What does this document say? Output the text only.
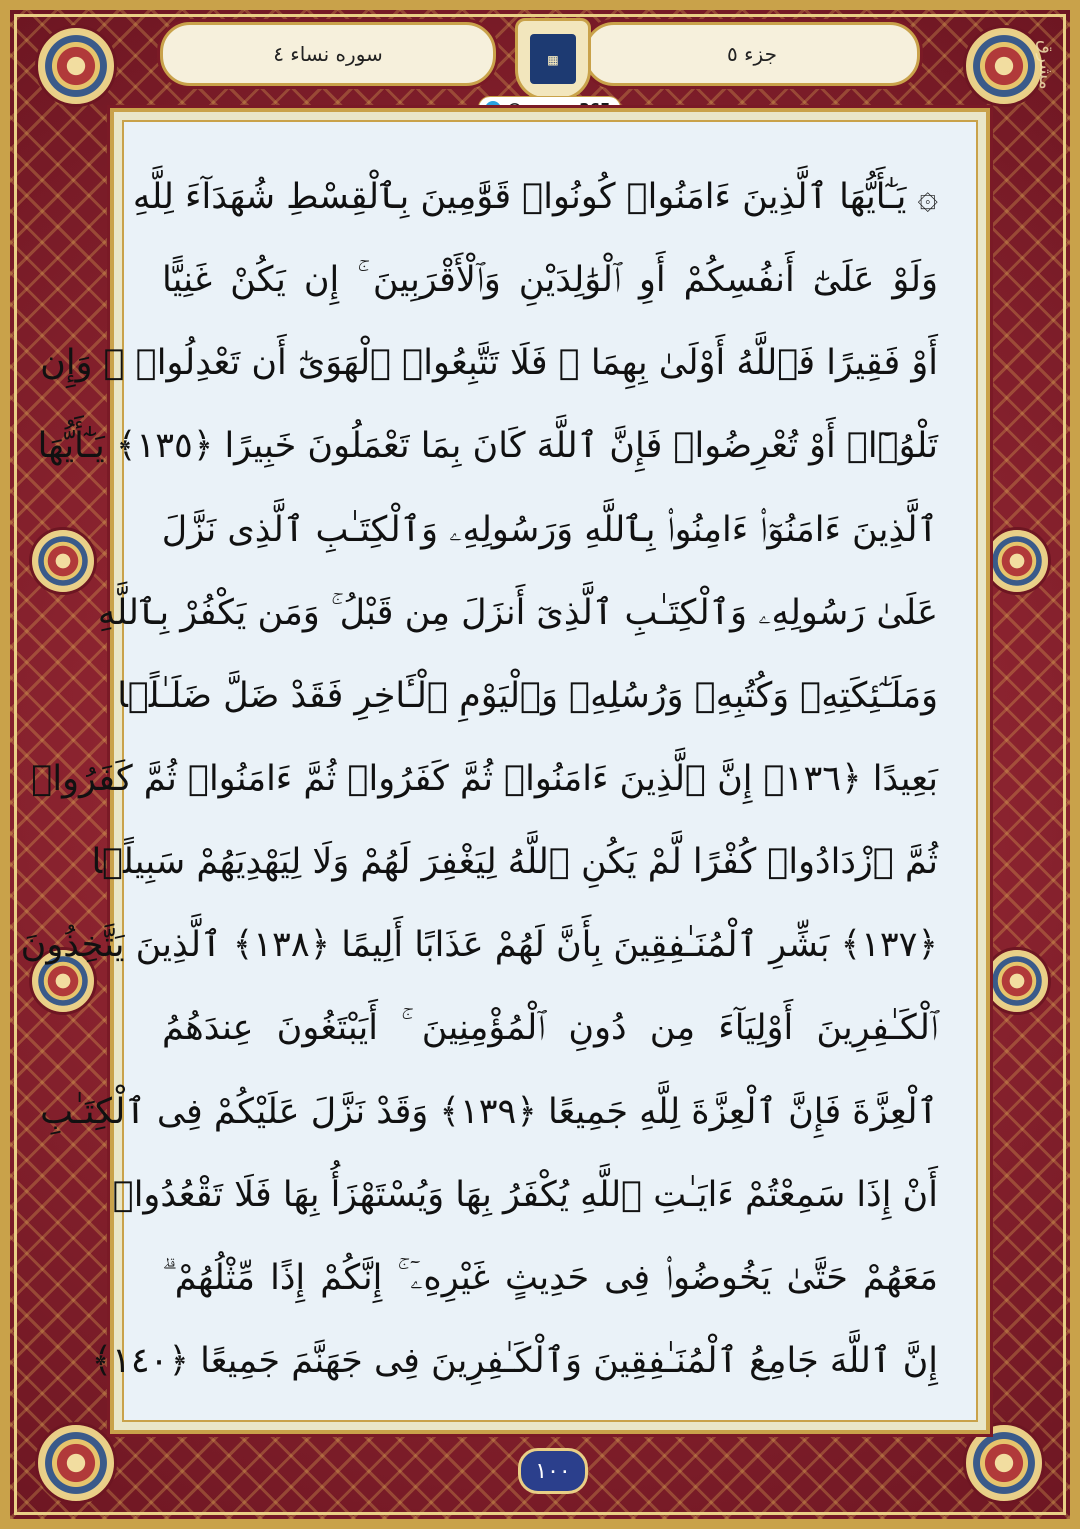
سوره نساء ٤	جزء ٥
▦	مشرق
۞ يَـٰٓأَيُّهَا ٱلَّذِينَ ءَامَنُوا۟ كُونُوا۟ قَوَّٰمِينَ بِٱلْقِسْطِ شُهَدَآءَ لِلَّهِ
وَلَوْ عَلَىٰٓ أَنفُسِكُمْ أَوِ ٱلْوَٰلِدَيْنِ وَٱلْأَقْرَبِينَ ۚ إِن يَكُنْ غَنِيًّا
أَوْ فَقِيرًا فَٱللَّهُ أَوْلَىٰ بِهِمَا ۖ فَلَا تَتَّبِعُوا۟ ٱلْهَوَىٰٓ أَن تَعْدِلُوا۟ ۚ وَإِن
تَلْوُۥٓا۟ أَوْ تُعْرِضُوا۟ فَإِنَّ ٱللَّهَ كَانَ بِمَا تَعْمَلُونَ خَبِيرًا ﴿١٣٥﴾ يَـٰٓأَيُّهَا
ٱلَّذِينَ ءَامَنُوٓا۟ ءَامِنُوا۟ بِٱللَّهِ وَرَسُولِهِۦ وَٱلْكِتَـٰبِ ٱلَّذِى نَزَّلَ
عَلَىٰ رَسُولِهِۦ وَٱلْكِتَـٰبِ ٱلَّذِىٓ أَنزَلَ مِن قَبْلُ ۚ وَمَن يَكْفُرْ بِٱللَّهِ
وَمَلَـٰٓئِكَتِهِۦ وَكُتُبِهِۦ وَرُسُلِهِۦ وَٱلْيَوْمِ ٱلْـَٔاخِرِ فَقَدْ ضَلَّ ضَلَـٰلًۢا
بَعِيدًا ﴿١٣٦﴾ إِنَّ ٱلَّذِينَ ءَامَنُوا۟ ثُمَّ كَفَرُوا۟ ثُمَّ ءَامَنُوا۟ ثُمَّ كَفَرُوا۟
ثُمَّ ٱزْدَادُوا۟ كُفْرًا لَّمْ يَكُنِ ٱللَّهُ لِيَغْفِرَ لَهُمْ وَلَا لِيَهْدِيَهُمْ سَبِيلًۢا
﴿١٣٧﴾ بَشِّرِ ٱلْمُنَـٰفِقِينَ بِأَنَّ لَهُمْ عَذَابًا أَلِيمًا ﴿١٣٨﴾ ٱلَّذِينَ يَتَّخِذُونَ
ٱلْكَـٰفِرِينَ أَوْلِيَآءَ مِن دُونِ ٱلْمُؤْمِنِينَ ۚ أَيَبْتَغُونَ عِندَهُمُ
ٱلْعِزَّةَ فَإِنَّ ٱلْعِزَّةَ لِلَّهِ جَمِيعًا ﴿١٣٩﴾ وَقَدْ نَزَّلَ عَلَيْكُمْ فِى ٱلْكِتَـٰبِ
أَنْ إِذَا سَمِعْتُمْ ءَايَـٰتِ ٱللَّهِ يُكْفَرُ بِهَا وَيُسْتَهْزَأُ بِهَا فَلَا تَقْعُدُوا۟
مَعَهُمْ حَتَّىٰ يَخُوضُوا۟ فِى حَدِيثٍ غَيْرِهِۦٓ ۚ إِنَّكُمْ إِذًا مِّثْلُهُمْ ۗ
إِنَّ ٱللَّهَ جَامِعُ ٱلْمُنَـٰفِقِينَ وَٱلْكَـٰفِرِينَ فِى جَهَنَّمَ جَمِيعًا ﴿١٤٠﴾
١٠٠
